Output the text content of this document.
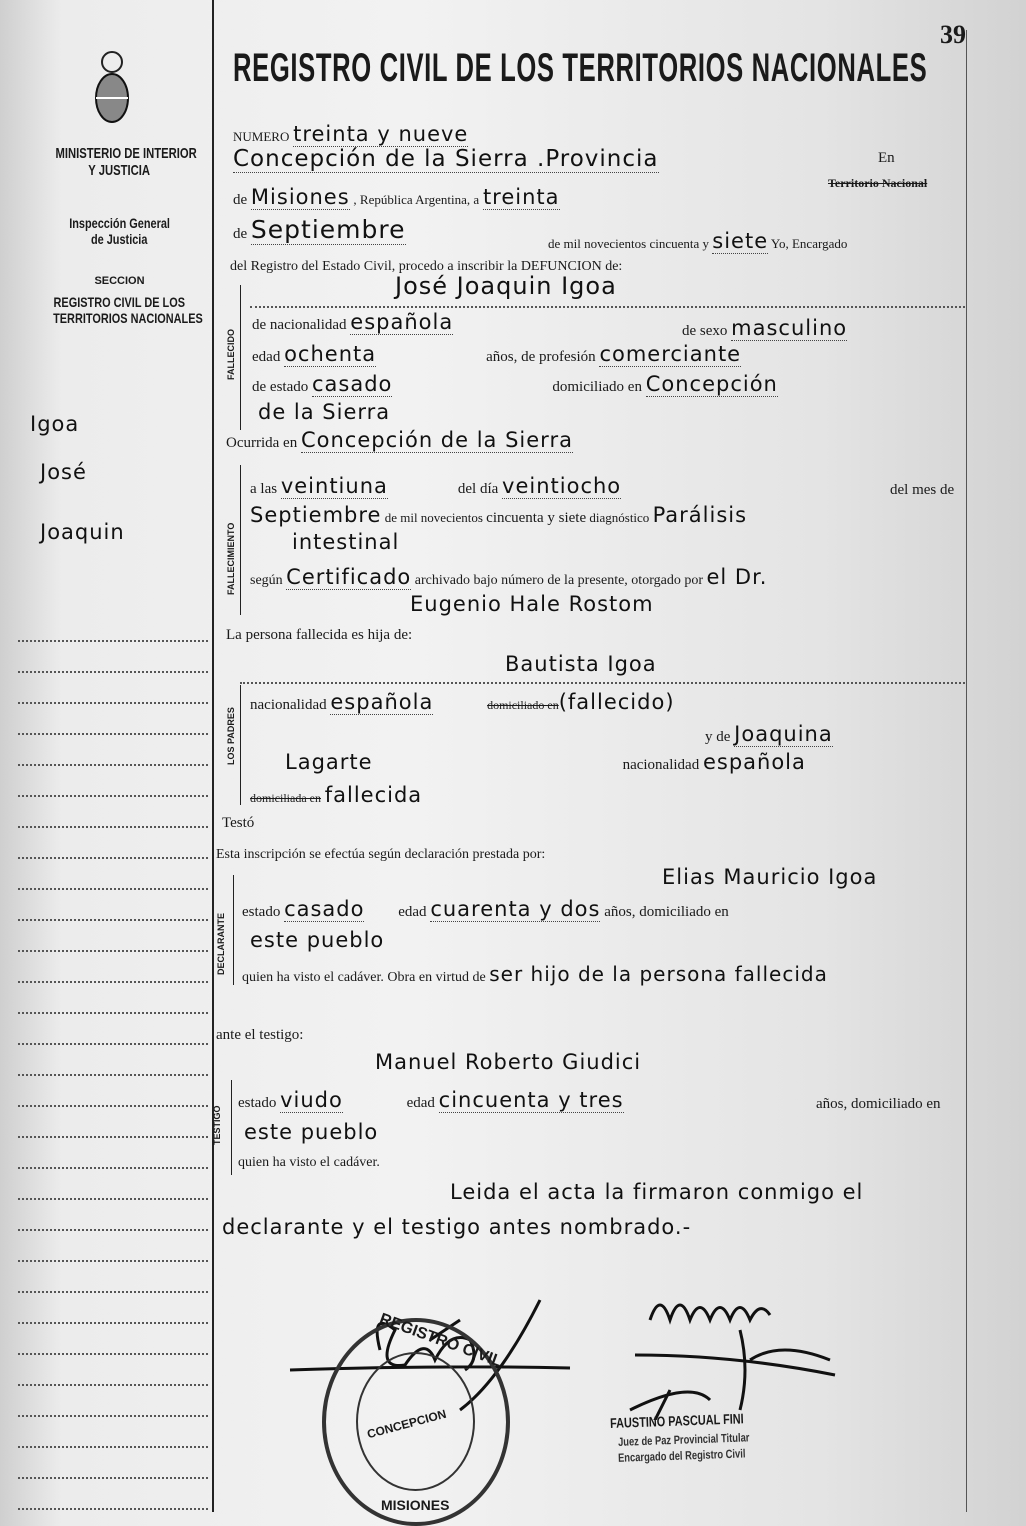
39
MINISTERIO DE INTERIOR
Y JUSTICIA
Inspección General
de Justicia
SECCION
REGISTRO CIVIL DE LOS
TERRITORIOS NACIONALES
Igoa
José
Joaquin
REGISTRO CIVIL DE LOS TERRITORIOS NACIONALES
NUMERO treinta y nueve
Concepción de la Sierra .Provincia	En
Territorio Nacional
de Misiones , República Argentina, a treinta
de Septiembre	de mil novecientos cincuenta y siete Yo, Encargado
del Registro del Estado Civil, procedo a inscribir la DEFUNCION de:
FALLECIDO
José Joaquin Igoa
de nacionalidad española	de sexo masculino
edad ochenta	años, de profesión comerciante
de estado casado	domiciliado en Concepción
de la Sierra
Ocurrida en Concepción de la Sierra
FALLECIMIENTO
a las veintiuna	del día veintiocho	del mes de
Septiembre de mil novecientos cincuenta y siete diagnóstico Parálisis
intestinal
según Certificado archivado bajo número de la presente, otorgado por el Dr.
Eugenio Hale Rostom
La persona fallecida es hija de:
Bautista Igoa
LOS PADRES
nacionalidad española	domiciliado en(fallecido)
y de Joaquina
Lagarte	nacionalidad española
domiciliada en fallecida
Testó
Esta inscripción se efectúa según declaración prestada por:
Elias Mauricio Igoa
DECLARANTE
estado casado edad cuarenta y dos años, domiciliado en
este pueblo
quien ha visto el cadáver. Obra en virtud de ser hijo de la persona fallecida
ante el testigo:
Manuel Roberto Giudici
TESTIGO
estado viudo	edad cincuenta y tres	años, domiciliado en
este pueblo
quien ha visto el cadáver.
Leida el acta la firmaron conmigo el
declarante y el testigo antes nombrado.-
REGISTRO CIVIL
CONCEPCION
MISIONES
FAUSTINO PASCUAL FINI
Juez de Paz Provincial Titular
Encargado del Registro Civil
